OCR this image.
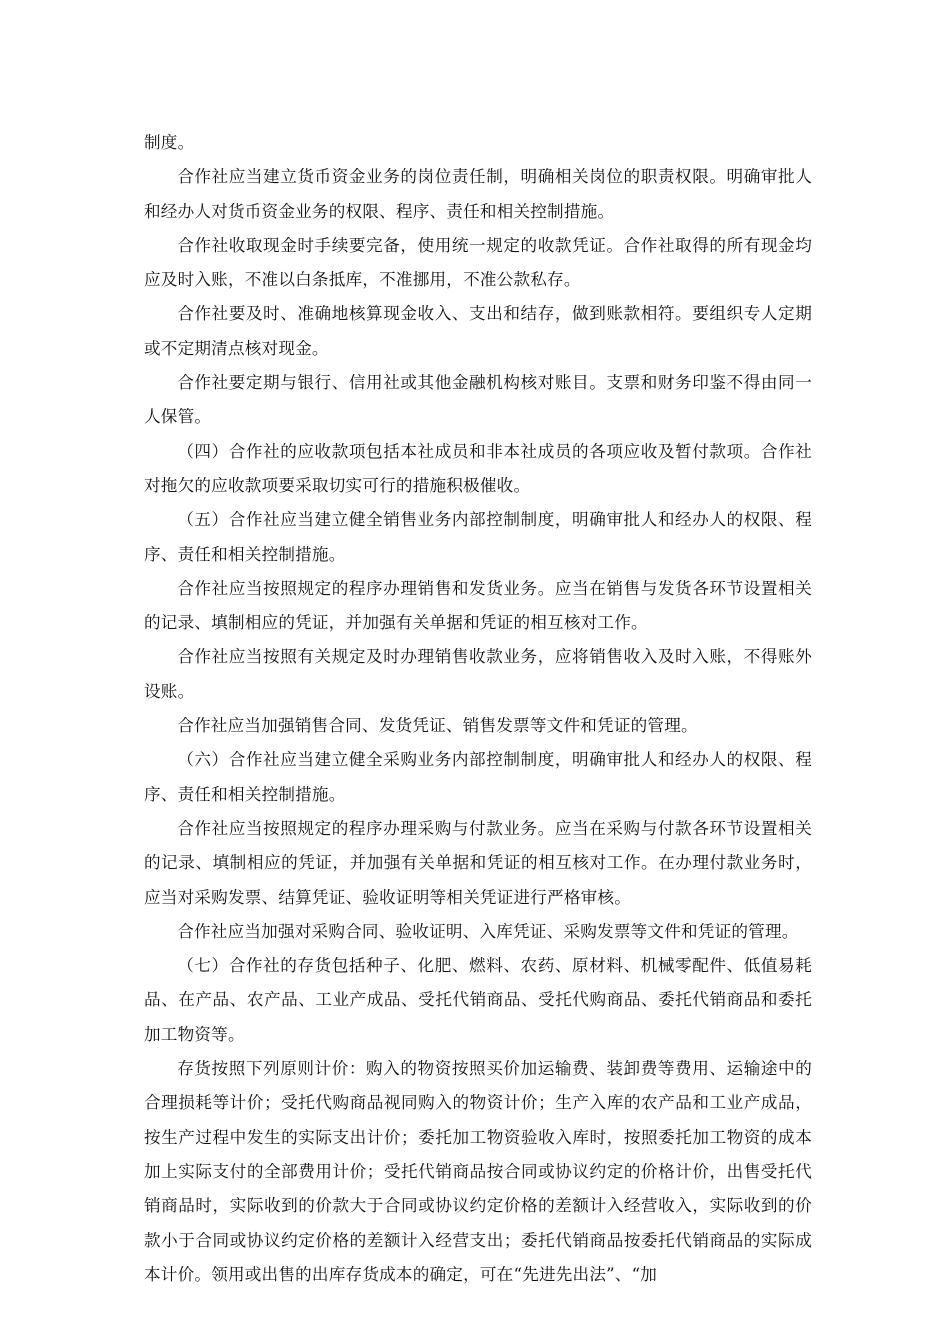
制度。

合作社应当建立货币资金业务的岗位责任制，明确相关岗位的职责权限。明确审批人和经办人对货币资金业务的权限、程序、责任和相关控制措施。

合作社收取现金时手续要完备，使用统一规定的收款凭证。合作社取得的所有现金均应及时入账，不准以白条抵库，不准挪用，不准公款私存。

合作社要及时、准确地核算现金收入、支出和结存，做到账款相符。要组织专人定期或不定期清点核对现金。

合作社要定期与银行、信用社或其他金融机构核对账目。支票和财务印鉴不得由同一人保管。

（四）合作社的应收款项包括本社成员和非本社成员的各项应收及暂付款项。合作社对拖欠的应收款项要采取切实可行的措施积极催收。

（五）合作社应当建立健全销售业务内部控制制度，明确审批人和经办人的权限、程序、责任和相关控制措施。

合作社应当按照规定的程序办理销售和发货业务。应当在销售与发货各环节设置相关的记录、填制相应的凭证，并加强有关单据和凭证的相互核对工作。

合作社应当按照有关规定及时办理销售收款业务，应将销售收入及时入账，不得账外设账。

合作社应当加强销售合同、发货凭证、销售发票等文件和凭证的管理。

（六）合作社应当建立健全采购业务内部控制制度，明确审批人和经办人的权限、程序、责任和相关控制措施。

合作社应当按照规定的程序办理采购与付款业务。应当在采购与付款各环节设置相关的记录、填制相应的凭证，并加强有关单据和凭证的相互核对工作。在办理付款业务时，应当对采购发票、结算凭证、验收证明等相关凭证进行严格审核。

合作社应当加强对采购合同、验收证明、入库凭证、采购发票等文件和凭证的管理。

（七）合作社的存货包括种子、化肥、燃料、农药、原材料、机械零配件、低值易耗品、在产品、农产品、工业产成品、受托代销商品、受托代购商品、委托代销商品和委托加工物资等。

存货按照下列原则计价：购入的物资按照买价加运输费、装卸费等费用、运输途中的合理损耗等计价；受托代购商品视同购入的物资计价；生产入库的农产品和工业产成品，按生产过程中发生的实际支出计价；委托加工物资验收入库时，按照委托加工物资的成本加上实际支付的全部费用计价；受托代销商品按合同或协议约定的价格计价，出售受托代销商品时，实际收到的价款大于合同或协议约定价格的差额计入经营收入，实际收到的价款小于合同或协议约定价格的差额计入经营支出；委托代销商品按委托代销商品的实际成本计价。领用或出售的出库存货成本的确定，可在“先进先出法”、“加
